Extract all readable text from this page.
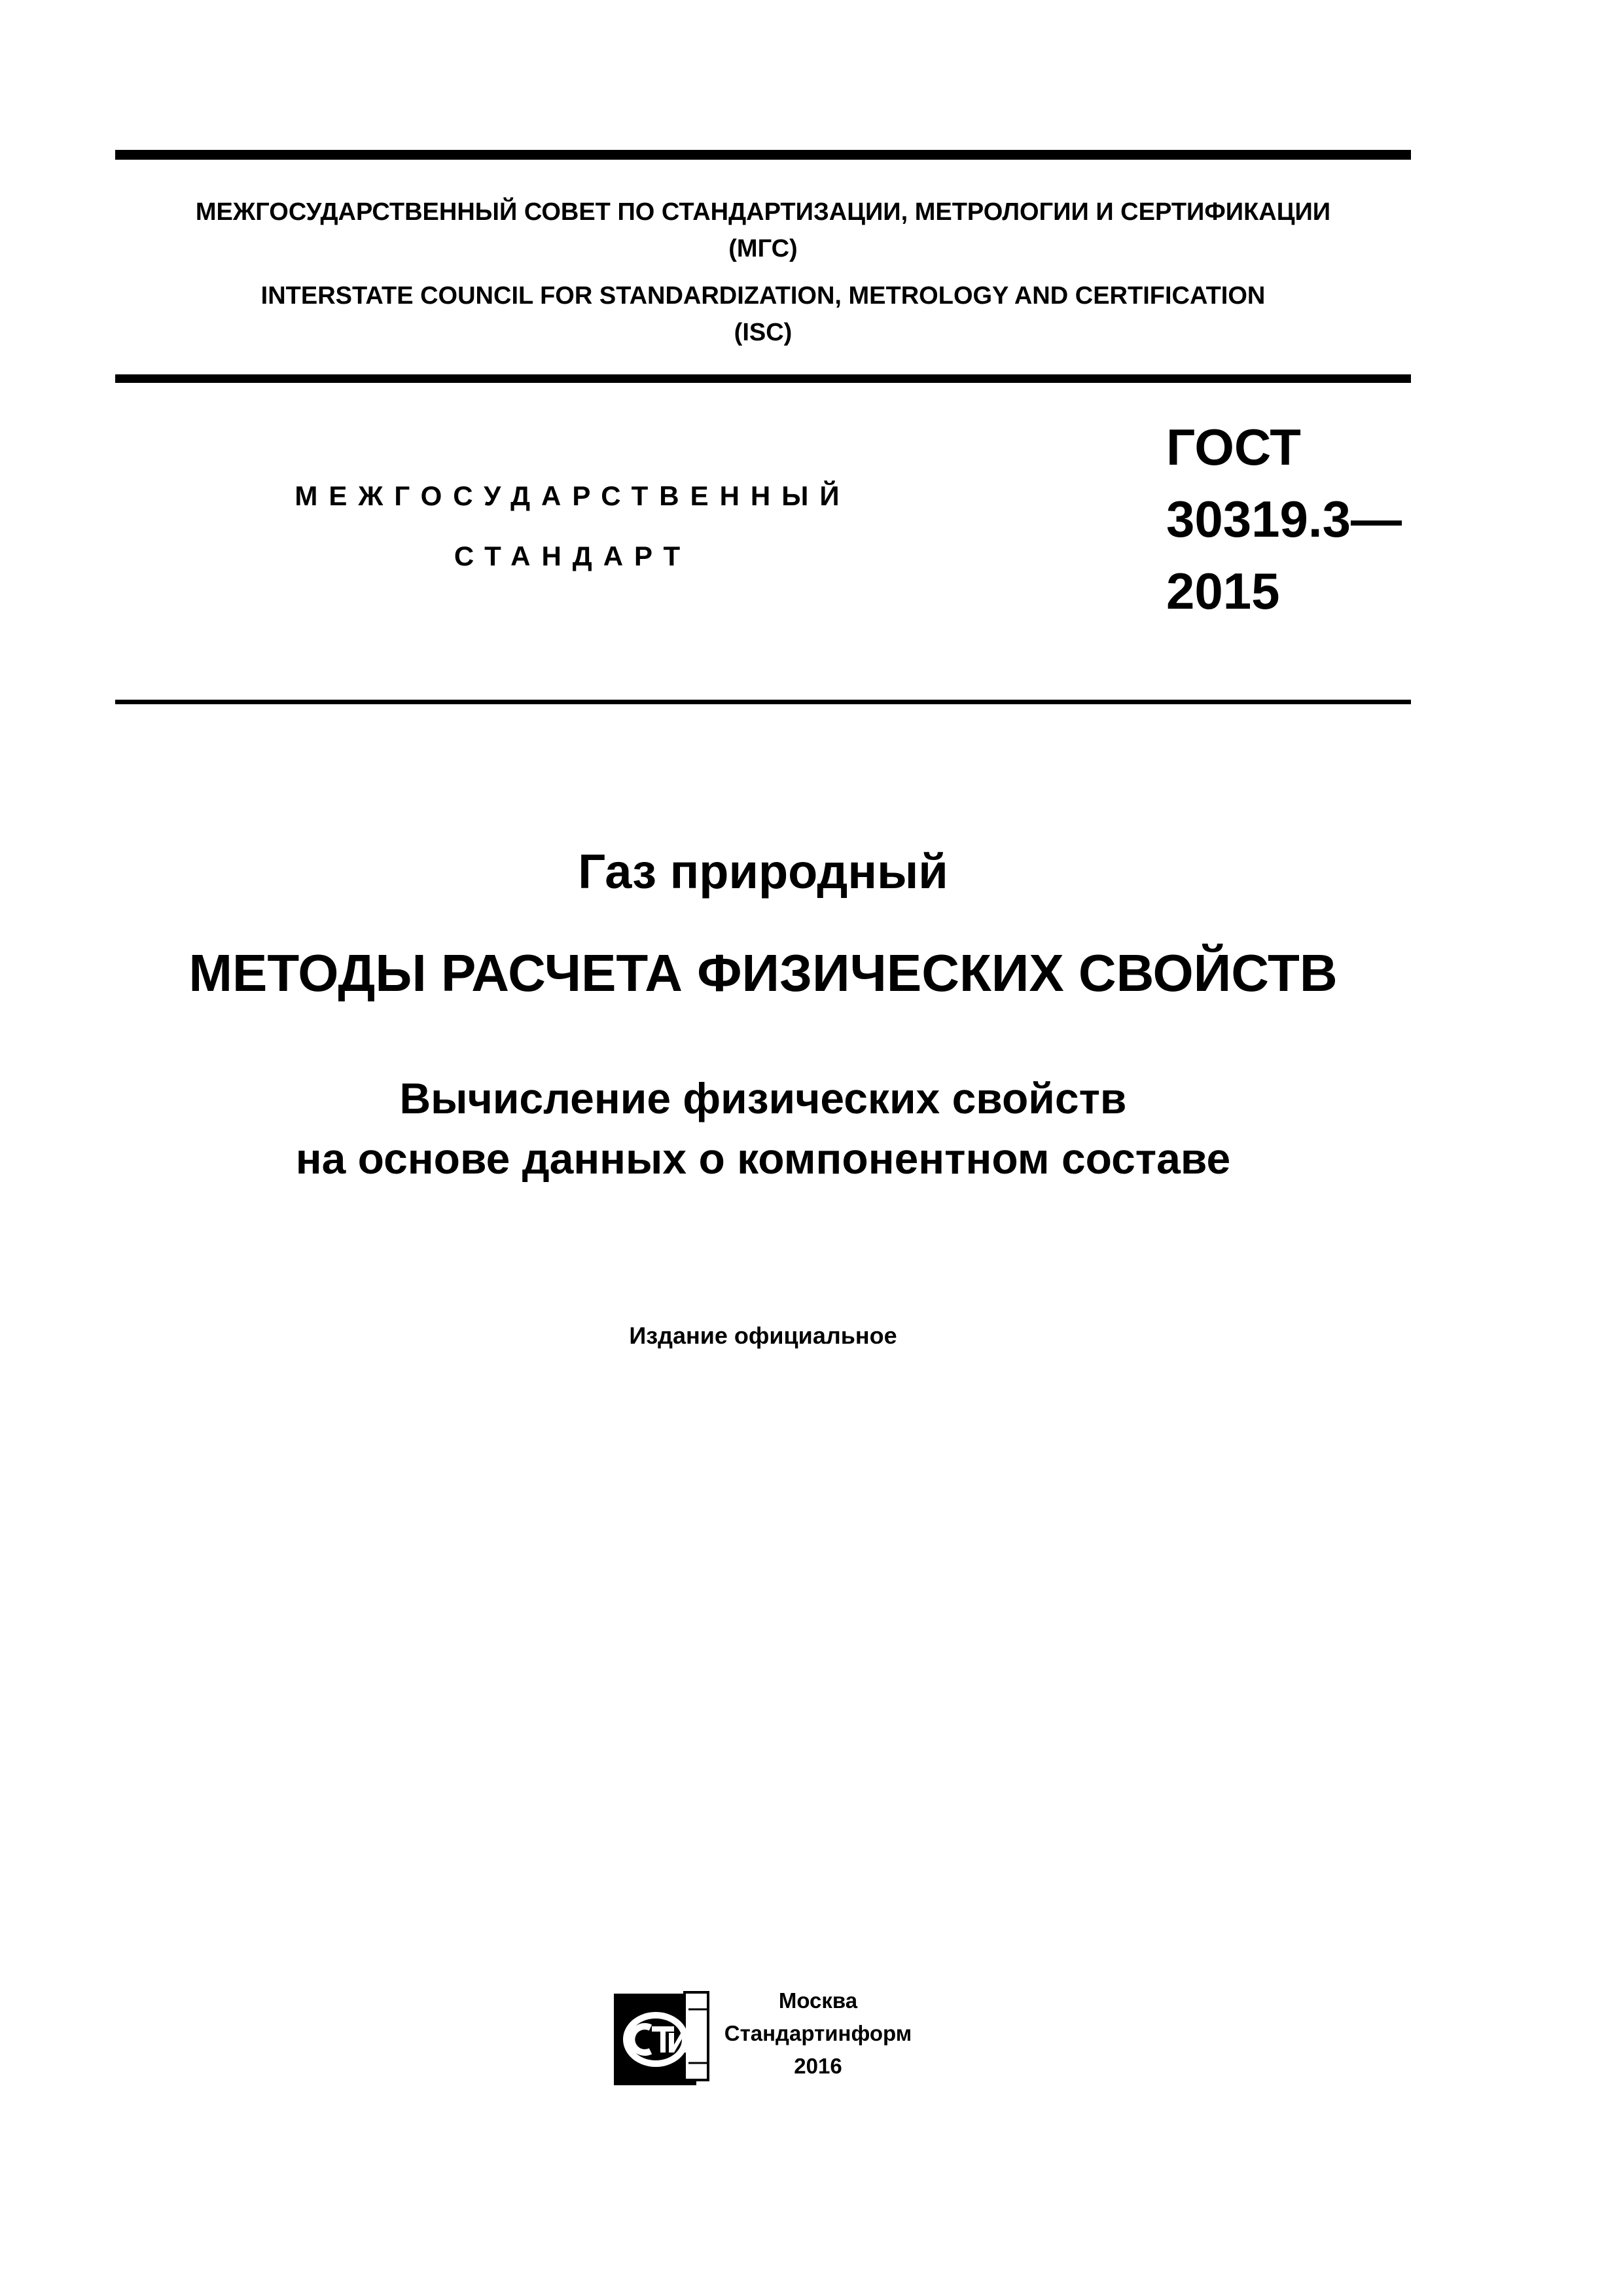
МЕЖГОСУДАРСТВЕННЫЙ СОВЕТ ПО СТАНДАРТИЗАЦИИ, МЕТРОЛОГИИ И СЕРТИФИКАЦИИ
(МГС)
INTERSTATE COUNCIL FOR STANDARDIZATION, METROLOGY AND CERTIFICATION
(ISC)
МЕЖГОСУДАРСТВЕННЫЙ
СТАНДАРТ
ГОСТ
30319.3—
2015
Газ природный
МЕТОДЫ РАСЧЕТА ФИЗИЧЕСКИХ СВОЙСТВ
Вычисление физических свойств
на основе данных о компонентном составе
Издание официальное
Москва
Стандартинформ
2016
